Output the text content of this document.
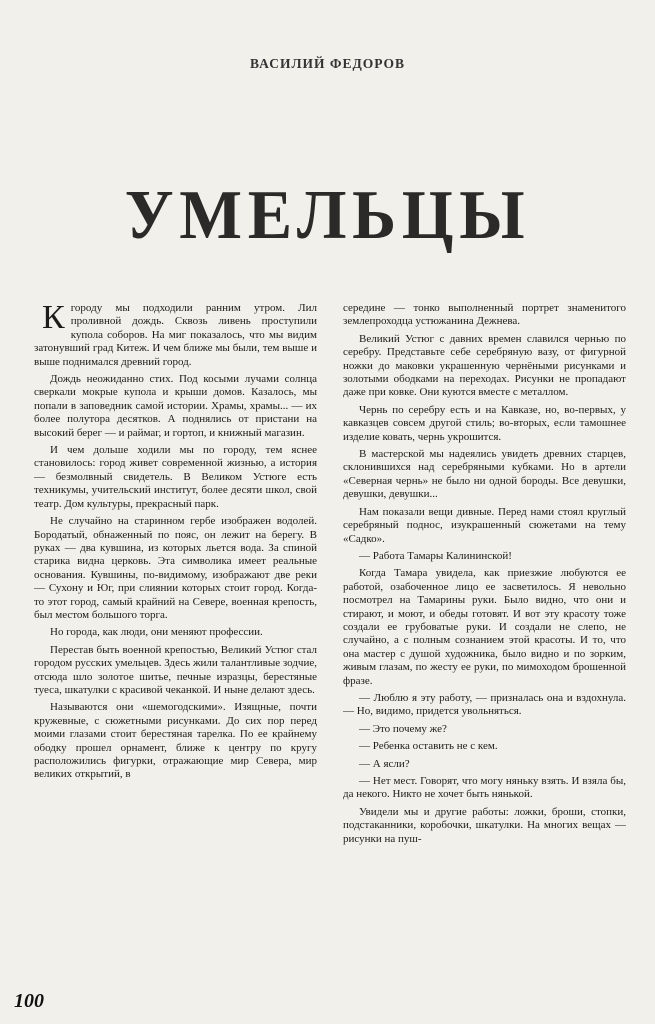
ВАСИЛИЙ ФЕДОРОВ
УМЕЛЬЦЫ

Кгороду мы подходили ранним утром. Лил проливной дождь. Сквозь ливень проступили купола соборов. На миг показалось, что мы видим затонувший град Китеж. И чем ближе мы были, тем выше и выше поднимался древний город.

Дождь неожиданно стих. Под косыми лучами солнца сверкали мокрые купола и крыши домов. Казалось, мы попали в заповедник самой истории. Храмы, храмы... — их более полутора десятков. А поднялись от пристани на высокий берег — и раймаг, и гортоп, и книжный магазин.

И чем дольше ходили мы по городу, тем яснее становилось: город живет современной жизнью, а история — безмолвный свидетель. В Великом Устюге есть техникумы, учительский институт, более десяти школ, свой театр. Дом культуры, прекрасный парк.

Не случайно на старинном гербе изображен водолей. Бородатый, обнаженный по пояс, он лежит на берегу. В руках — два кувшина, из которых льется вода. За спиной старика видна церковь. Эта символика имеет реальные основания. Кувшины, по-видимому, изображают две реки — Сухону и Юг, при слиянии которых стоит город. Когда-то этот город, самый крайний на Севере, военная крепость, был местом большого торга.

Но города, как люди, они меняют профессии.

Перестав быть военной крепостью, Великий Устюг стал городом русских умельцев. Здесь жили талантливые зодчие, отсюда шло золотое шитье, печные изразцы, берестяные туеса, шкатулки с красивой чеканкой. И ныне делают здесь.

Называются они «шемогодскими». Изящные, почти кружевные, с сюжетными рисунками. До сих пор перед моими глазами стоит берестяная тарелка. По ее крайнему ободку прошел орнамент, ближе к центру по кругу расположились фигурки, отражающие мир Севера, мир великих открытий, в

середине — тонко выполненный портрет знаменитого землепроходца устюжанина Дежнева.

Великий Устюг с давних времен славился чернью по серебру. Представьте себе серебряную вазу, от фигурной ножки до маковки украшенную чернёными рисунками и золотыми ободками на переходах. Рисунки не пропадают даже при ковке. Они куются вместе с металлом.

Чернь по серебру есть и на Кавказе, но, во-первых, у кавказцев совсем другой стиль; во-вторых, если тамошнее изделие ковать, чернь укрошится.

В мастерской мы надеялись увидеть древних старцев, склонившихся над серебряными кубками. Но в артели «Северная чернь» не было ни одной бороды. Все девушки, девушки, девушки...

Нам показали вещи дивные. Перед нами стоял круглый серебряный поднос, изукрашенный сюжетами на тему «Садко».

— Работа Тамары Калининской!

Когда Тамара увидела, как приезжие любуются ее работой, озабоченное лицо ее засветилось. Я невольно посмотрел на Тамарины руки. Было видно, что они и стирают, и моют, и обеды готовят. И вот эту красоту тоже создали ее грубоватые руки. И создали не слепо, не случайно, а с полным сознанием этой красоты. И то, что она мастер с душой художника, было видно и по зорким, живым глазам, по жесту ее руки, по мимоходом брошенной фразе.

— Люблю я эту работу, — призналась она и вздохнула. — Но, видимо, придется увольняться.

— Это почему же?

— Ребенка оставить не с кем.

— А ясли?

— Нет мест. Говорят, что могу няньку взять. И взяла бы, да некого. Никто не хочет быть нянькой.

Увидели мы и другие работы: ложки, броши, стопки, подстаканники, коробочки, шкатулки. На многих вещах — рисунки на пуш-

100
